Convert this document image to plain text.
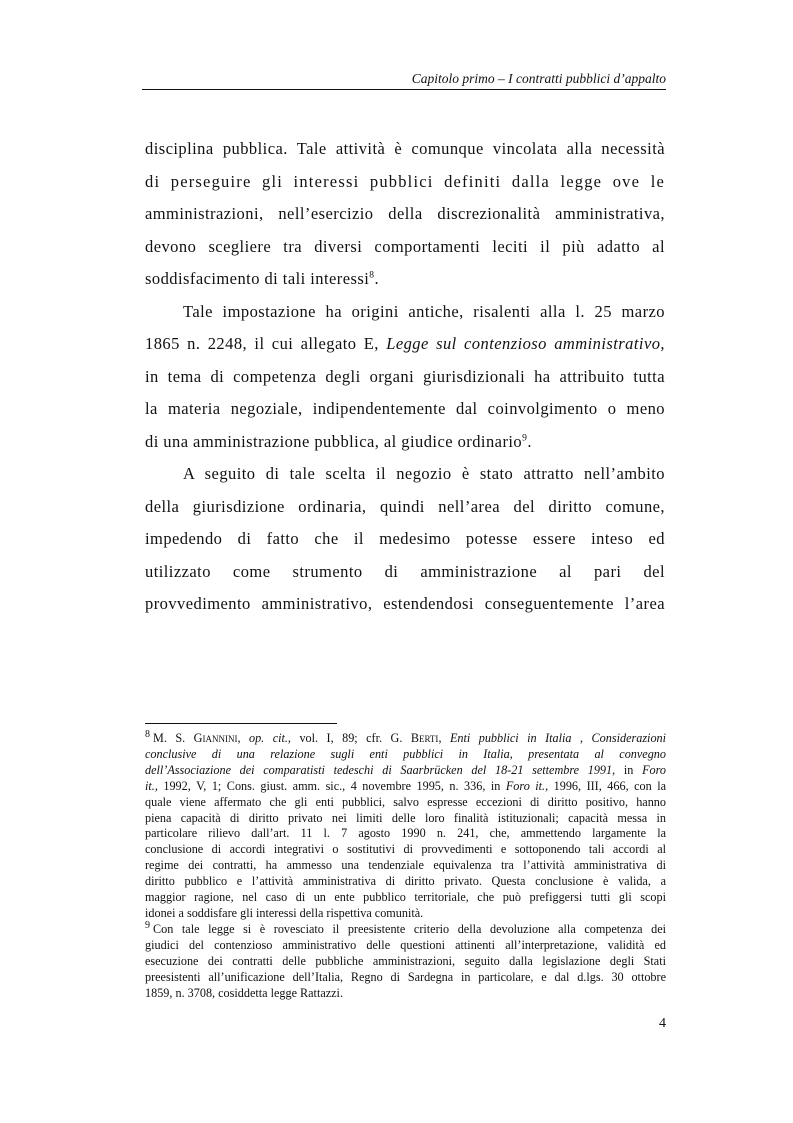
Capitolo primo – I contratti pubblici d’appalto
disciplina pubblica. Tale attività è comunque vincolata alla necessità
di perseguire gli interessi pubblici definiti dalla legge ove le
amministrazioni, nell’esercizio della discrezionalità amministrativa,
devono scegliere tra diversi comportamenti leciti il più adatto al
soddisfacimento di tali interessi$^8$.
Tale impostazione ha origini antiche, risalenti alla l. 25 marzo
1865 n. 2248, il cui allegato E, Legge sul contenzioso amministrativo,
in tema di competenza degli organi giurisdizionali ha attribuito tutta
la materia negoziale, indipendentemente dal coinvolgimento o meno
di una amministrazione pubblica, al giudice ordinario$^9$.
A seguito di tale scelta il negozio è stato attratto nell’ambito
della giurisdizione ordinaria, quindi nell’area del diritto comune,
impedendo di fatto che il medesimo potesse essere inteso ed
utilizzato come strumento di amministrazione al pari del
provvedimento amministrativo, estendendosi conseguentemente l’area
$^8$ M. S. Giannini, op. cit., vol. I, 89; cfr. G. Berti, Enti pubblici in Italia , Considerazioni
conclusive di una relazione sugli enti pubblici in Italia, presentata al convegno
dell’Associazione dei comparatisti tedeschi di Saarbrücken del 18-21 settembre 1991, in Foro
it., 1992, V, 1; Cons. giust. amm. sic., 4 novembre 1995, n. 336, in Foro it., 1996, III, 466, con la
quale viene affermato che gli enti pubblici, salvo espresse eccezioni di diritto positivo, hanno
piena capacità di diritto privato nei limiti delle loro finalità istituzionali; capacità messa in
particolare rilievo dall’art. 11 l. 7 agosto 1990 n. 241, che, ammettendo largamente la
conclusione di accordi integrativi o sostitutivi di provvedimenti e sottoponendo tali accordi al
regime dei contratti, ha ammesso una tendenziale equivalenza tra l’attività amministrativa di
diritto pubblico e l’attività amministrativa di diritto privato. Questa conclusione è valida, a
maggior ragione, nel caso di un ente pubblico territoriale, che può prefiggersi tutti gli scopi
idonei a soddisfare gli interessi della rispettiva comunità.
$^9$ Con tale legge si è rovesciato il preesistente criterio della devoluzione alla competenza dei
giudici del contenzioso amministrativo delle questioni attinenti all’interpretazione, validità ed
esecuzione dei contratti delle pubbliche amministrazioni, seguito dalla legislazione degli Stati
preesistenti all’unificazione dell’Italia, Regno di Sardegna in particolare, e dal d.lgs. 30 ottobre
1859, n. 3708, cosiddetta legge Rattazzi.
4
